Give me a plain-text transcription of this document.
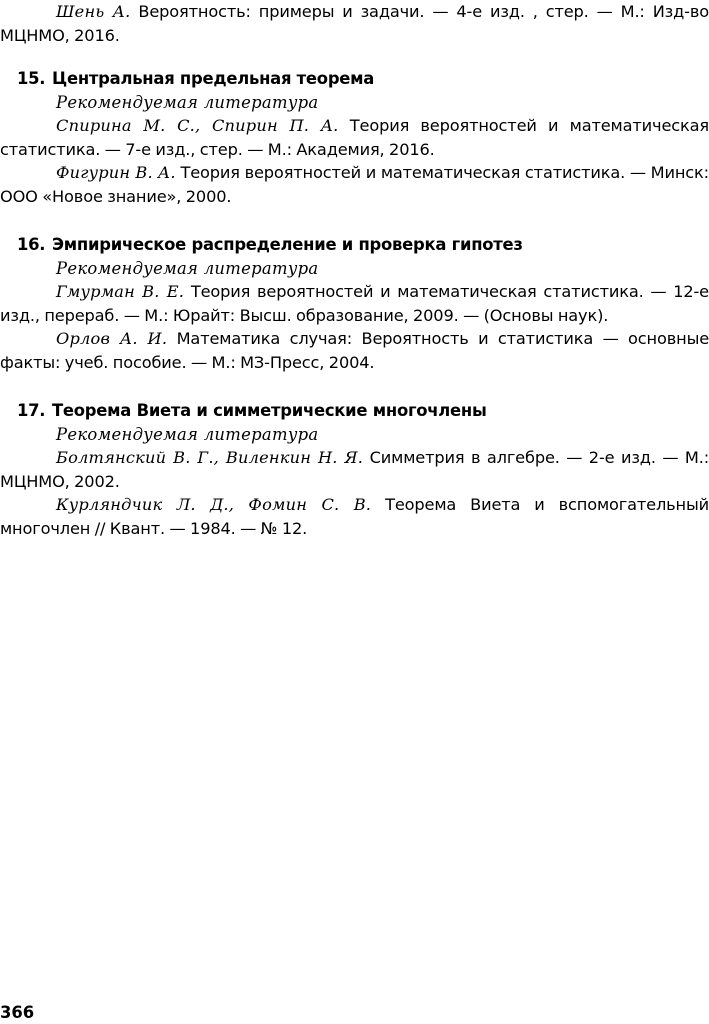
Шень А. Вероятность: примеры и задачи. — 4-е изд. , стер. — М.: Изд-во МЦНМО, 2016.

15. Центральная предельная теорема

Рекомендуемая литература

Спирина М. С., Спирин П. А. Теория вероятностей и математическая статистика. — 7-е изд., стер. — М.: Академия, 2016.

Фигурин В. А. Теория вероятностей и математическая статистика. — Минск: ООО «Новое знание», 2000.

16. Эмпирическое распределение и проверка гипотез

Рекомендуемая литература

Гмурман В. Е. Теория вероятностей и математическая статистика. — 12-е изд., перераб. — М.: Юрайт: Высш. образование, 2009. — (Основы наук).

Орлов А. И. Математика случая: Вероятность и статистика — основные факты: учеб. пособие. — М.: МЗ-Пресс, 2004.

17. Теорема Виета и симметрические многочлены

Рекомендуемая литература

Болтянский В. Г., Виленкин Н. Я. Симметрия в алгебре. — 2-е изд. — М.: МЦНМО, 2002.

Курляндчик Л. Д., Фомин С. В. Теорема Виета и вспомогательный многочлен // Квант. — 1984. — № 12.

366
